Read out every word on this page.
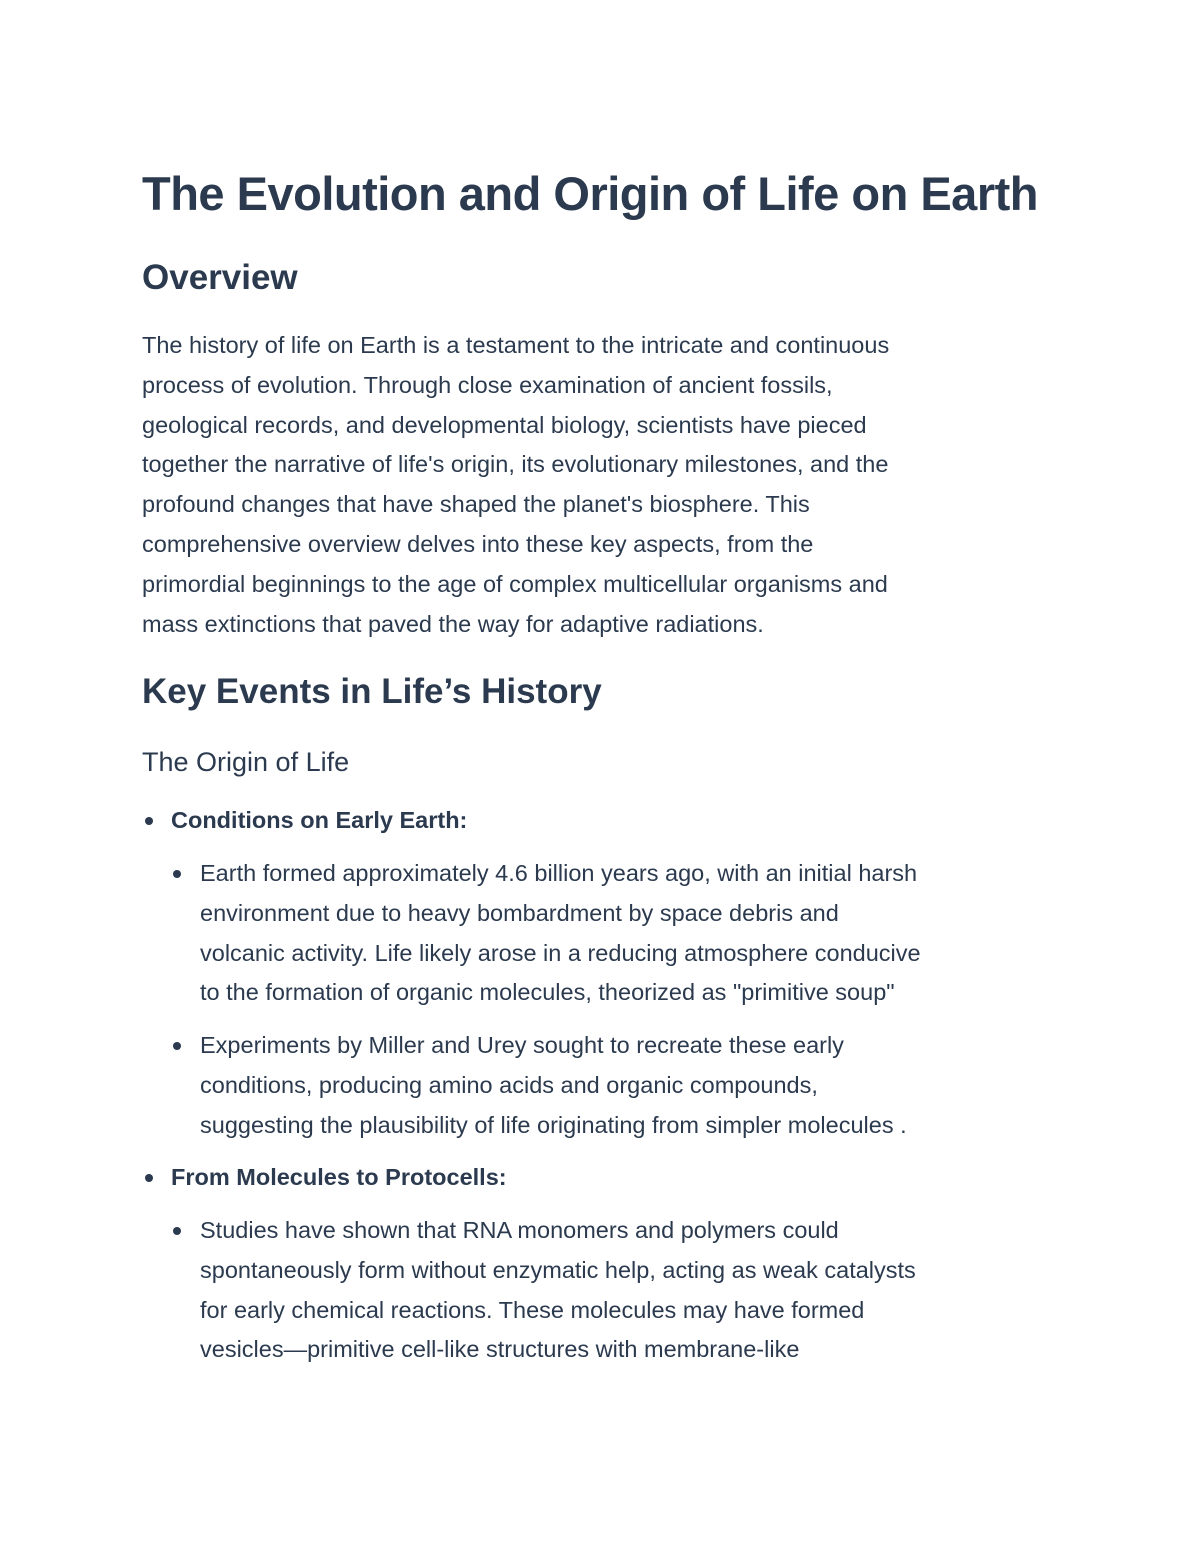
The Evolution and Origin of Life on Earth
Overview

The history of life on Earth is a testament to the intricate and continuous
process of evolution. Through close examination of ancient fossils,
geological records, and developmental biology, scientists have pieced
together the narrative of life's origin, its evolutionary milestones, and the
profound changes that have shaped the planet's biosphere. This
comprehensive overview delves into these key aspects, from the
primordial beginnings to the age of complex multicellular organisms and
mass extinctions that paved the way for adaptive radiations.

Key Events in Life’s History
The Origin of Life
Conditions on Early Earth:
Earth formed approximately 4.6 billion years ago, with an initial harsh
environment due to heavy bombardment by space debris and
volcanic activity. Life likely arose in a reducing atmosphere conducive
to the formation of organic molecules, theorized as "primitive soup"
Experiments by Miller and Urey sought to recreate these early
conditions, producing amino acids and organic compounds,
suggesting the plausibility of life originating from simpler molecules .
From Molecules to Protocells:
Studies have shown that RNA monomers and polymers could
spontaneously form without enzymatic help, acting as weak catalysts
for early chemical reactions. These molecules may have formed
vesicles—primitive cell-like structures with membrane-like
